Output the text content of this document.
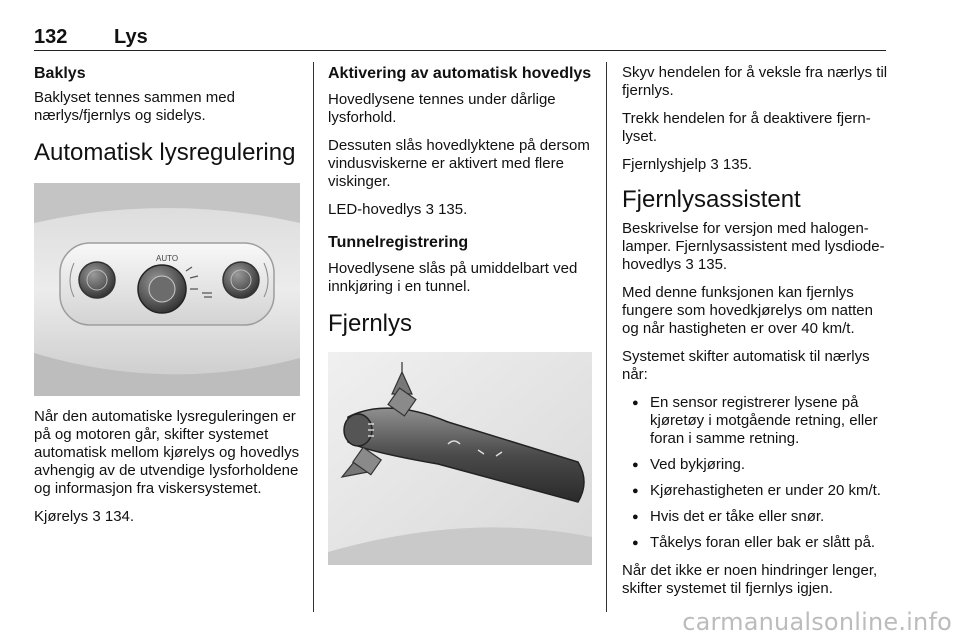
132 Lys
Baklys

Baklyset tennes sammen med nærlys/fjernlys og sidelys.

Automatisk lysregulering
AUTO

Når den automatiske lysreguleringen er på og motoren går, skifter systemet automatisk mellom kjørelys og hovedlys avhengig av de utvendige lysforholdene og informasjon fra viskersystemet.

Kjørelys 3 134.

Aktivering av automatisk hovedlys

Hovedlysene tennes under dårlige lysforhold.

Dessuten slås hovedlyktene på dersom vindusviskerne er aktivert med flere viskinger.

LED-hovedlys 3 135.

Tunnelregistrering

Hovedlysene slås på umiddelbart ved innkjøring i en tunnel.

Fjernlys

Skyv hendelen for å veksle fra nærlys til fjernlys.

Trekk hendelen for å deaktivere fjernlyset.

Fjernlyshjelp 3 135.

Fjernlysassistent

Beskrivelse for versjon med halogenlamper. Fjernlysassistent med lysdiode-hovedlys 3 135.

Med denne funksjonen kan fjernlys fungere som hovedkjørelys om natten og når hastigheten er over 40 km/t.

Systemet skifter automatisk til nærlys når:

● En sensor registrerer lysene på kjøretøy i motgående retning, eller foran i samme retning.
● Ved bykjøring.
● Kjørehastigheten er under 20 km/t.
● Hvis det er tåke eller snør.
● Tåkelys foran eller bak er slått på.

Når det ikke er noen hindringer lenger, skifter systemet til fjernlys igjen.

carmanualsonline.info
